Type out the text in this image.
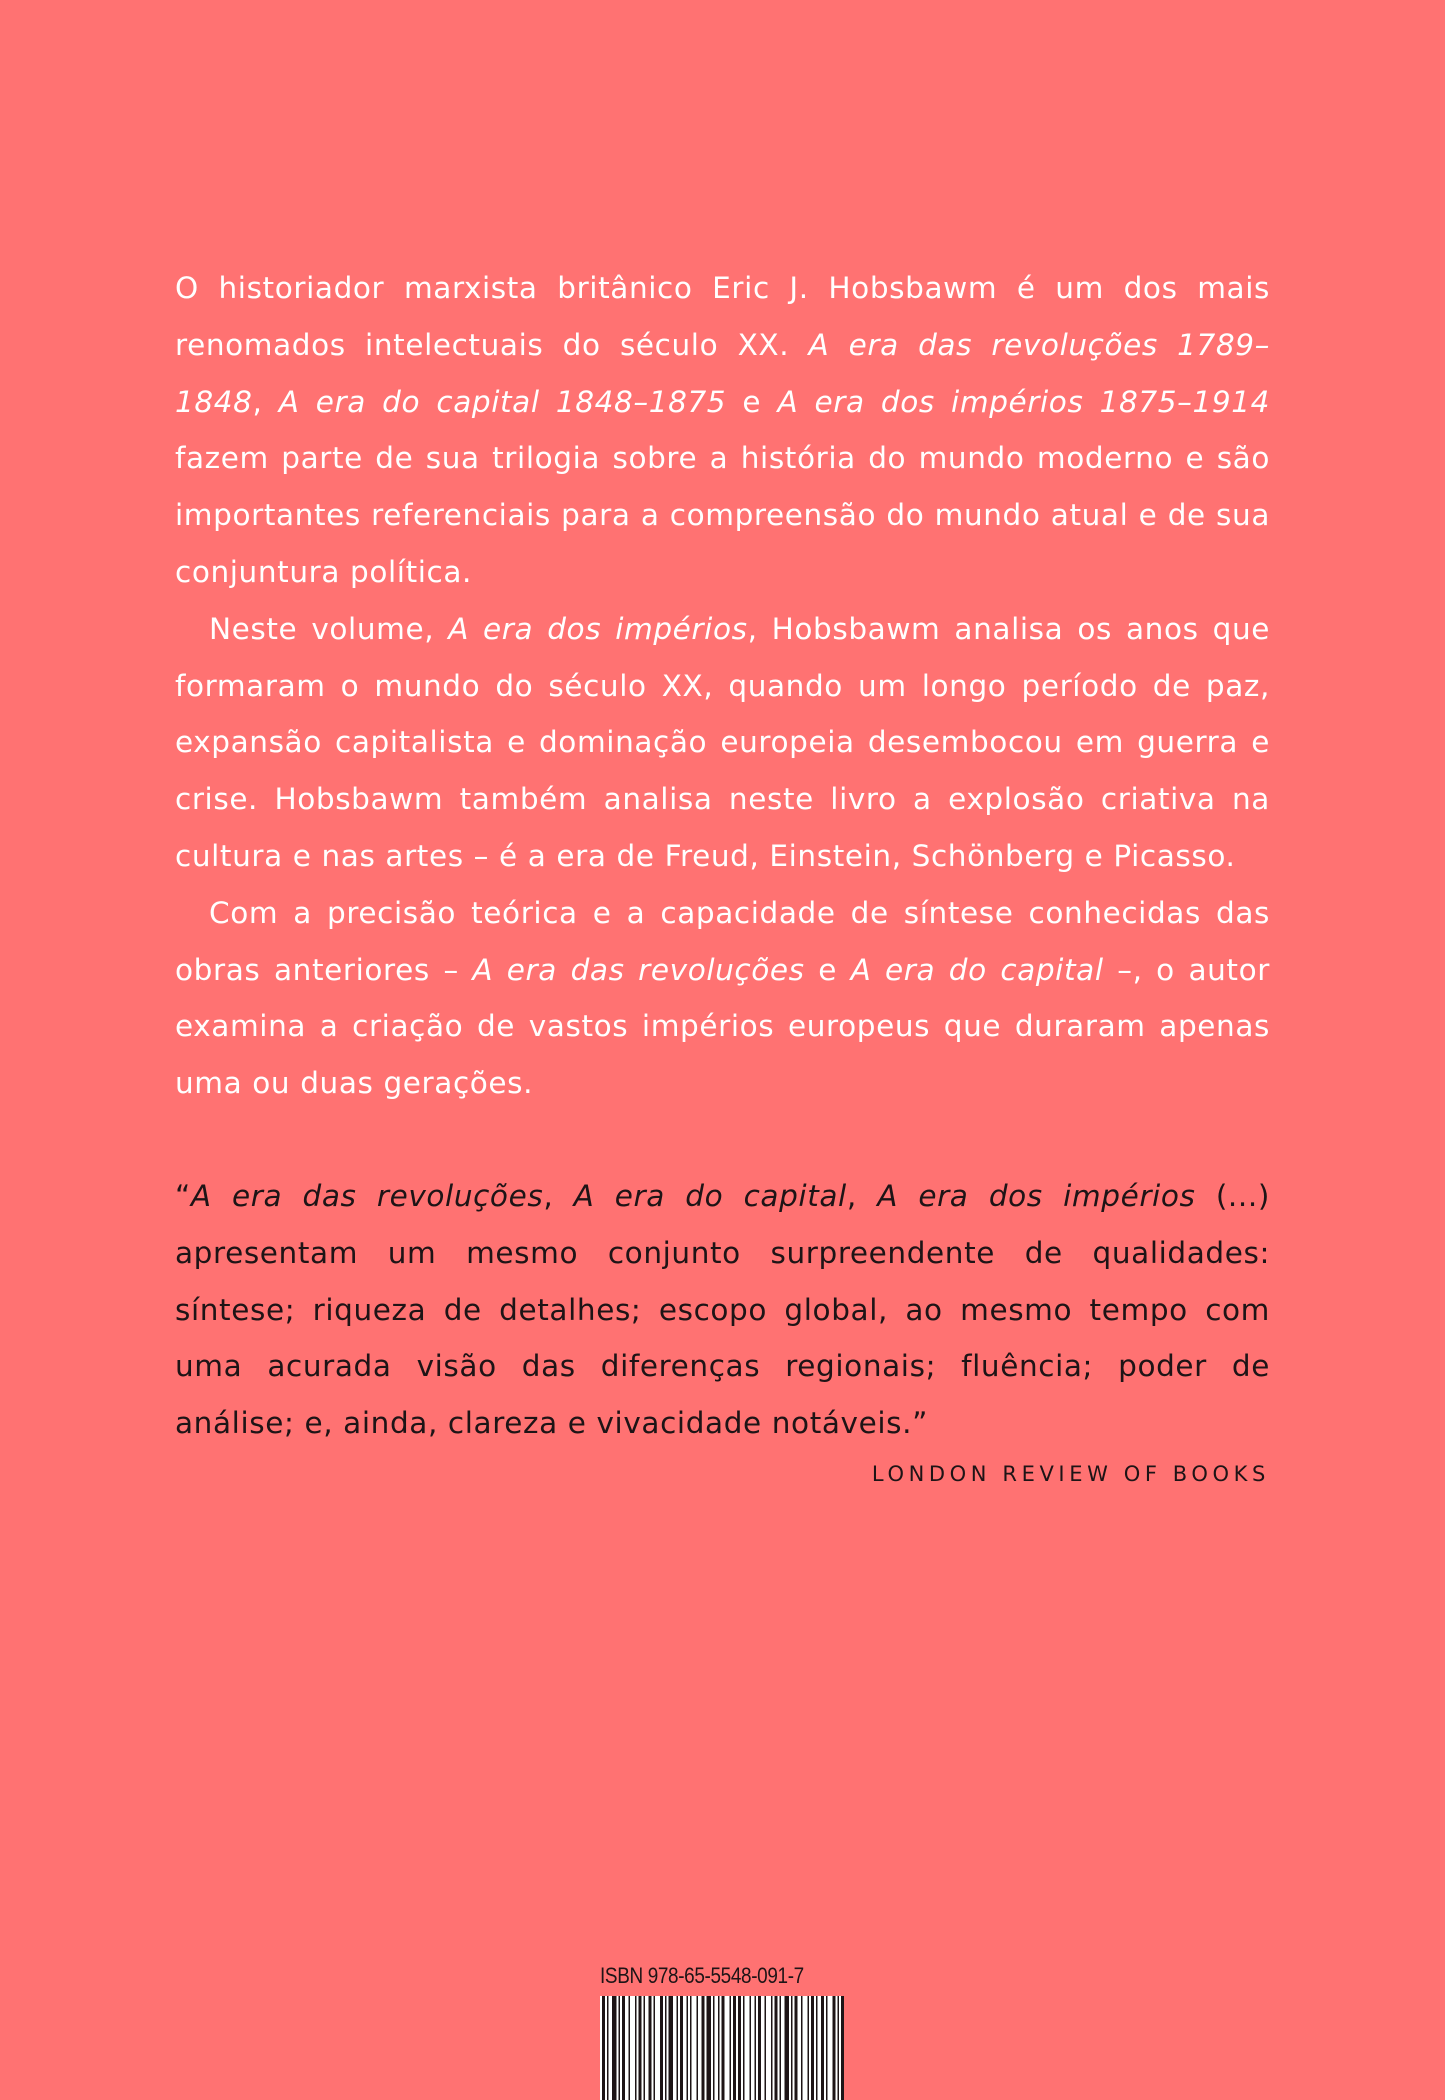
O historiador marxista britânico Eric J. Hobsbawm é um dos mais renomados intelectuais do século XX. A era das revoluções 1789–1848, A era do capital 1848–1875 e A era dos impérios 1875–1914 fazem parte de sua trilogia sobre a história do mundo moderno e são importantes referenciais para a compreensão do mundo atual e de sua conjuntura política.

Neste volume, A era dos impérios, Hobsbawm analisa os anos que formaram o mundo do século XX, quando um longo período de paz, expansão capitalista e dominação europeia desembocou em guerra e crise. Hobsbawm também analisa neste livro a explosão criativa na cultura e nas artes – é a era de Freud, Einstein, Schönberg e Picasso.

Com a precisão teórica e a capacidade de síntese conhecidas das obras anteriores – A era das revoluções e A era do capital –, o autor examina a criação de vastos impérios europeus que duraram apenas uma ou duas gerações.

“A era das revoluções, A era do capital, A era dos impérios (...) apresentam um mesmo conjunto surpreendente de qualidades: síntese; riqueza de detalhes; escopo global, ao mesmo tempo com uma acurada visão das diferenças regionais; fluência; poder de análise; e, ainda, clareza e vivacidade notáveis.”

LONDON REVIEW OF BOOKS
ISBN 978-65-5548-091-7
